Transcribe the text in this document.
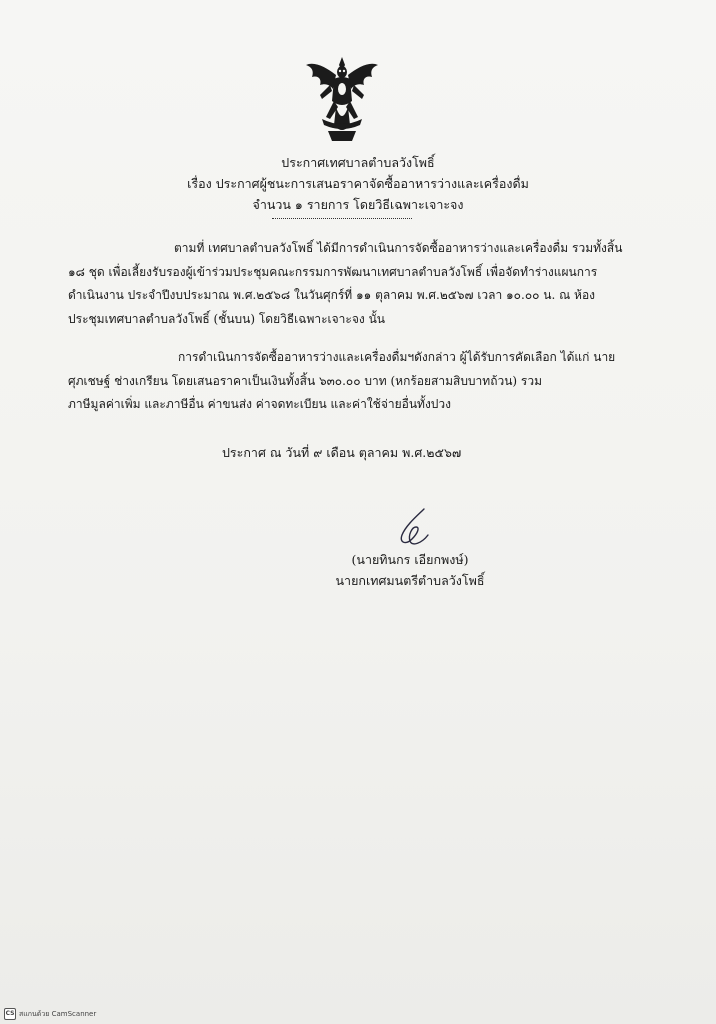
ประกาศเทศบาลตำบลวังโพธิ์
เรื่อง ประกาศผู้ชนะการเสนอราคาจัดซื้ออาหารว่างและเครื่องดื่ม
จำนวน ๑ รายการ โดยวิธีเฉพาะเจาะจง
ตามที่ เทศบาลตำบลวังโพธิ์ ได้มีการดำเนินการจัดซื้ออาหารว่างและเครื่องดื่ม รวมทั้งสิ้น
๑๘ ชุด เพื่อเลี้ยงรับรองผู้เข้าร่วมประชุมคณะกรรมการพัฒนาเทศบาลตำบลวังโพธิ์ เพื่อจัดทำร่างแผนการ
ดำเนินงาน ประจำปีงบประมาณ พ.ศ.๒๕๖๘ ในวันศุกร์ที่ ๑๑ ตุลาคม พ.ศ.๒๕๖๗ เวลา ๑๐.๐๐ น. ณ ห้อง
ประชุมเทศบาลตำบลวังโพธิ์ (ชั้นบน) โดยวิธีเฉพาะเจาะจง นั้น
การดำเนินการจัดซื้ออาหารว่างและเครื่องดื่มฯดังกล่าว ผู้ได้รับการคัดเลือก ได้แก่ นาย
ศุภเชษฐ์ ช่างเกรียน โดยเสนอราคาเป็นเงินทั้งสิ้น ๖๓๐.๐๐ บาท (หกร้อยสามสิบบาทถ้วน) รวม
ภาษีมูลค่าเพิ่ม และภาษีอื่น ค่าขนส่ง ค่าจดทะเบียน และค่าใช้จ่ายอื่นทั้งปวง
ประกาศ ณ วันที่ ๙ เดือน ตุลาคม พ.ศ.๒๕๖๗
(นายทินกร เอียกพงษ์)
นายกเทศมนตรีตำบลวังโพธิ์
CS สแกนด้วย CamScanner
